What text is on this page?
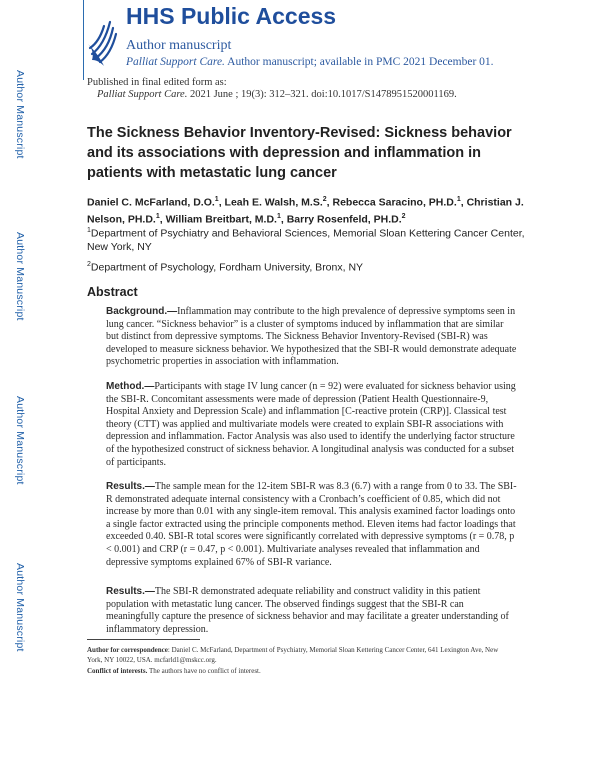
Author Manuscript
Author Manuscript
Author Manuscript
Author Manuscript
HHS Public Access
Author manuscript
Palliat Support Care. Author manuscript; available in PMC 2021 December 01.
Published in final edited form as:
Palliat Support Care. 2021 June ; 19(3): 312–321. doi:10.1017/S1478951520001169.
The Sickness Behavior Inventory-Revised: Sickness behavior and its associations with depression and inflammation in patients with metastatic lung cancer
Daniel C. McFarland, D.O.$^1$, Leah E. Walsh, M.S.$^2$, Rebecca Saracino, PH.D.$^1$, Christian J. Nelson, PH.D.$^1$, William Breitbart, M.D.$^1$, Barry Rosenfeld, PH.D.$^2$
$^1$Department of Psychiatry and Behavioral Sciences, Memorial Sloan Kettering Cancer Center, New York, NY
$^2$Department of Psychology, Fordham University, Bronx, NY
Abstract
Background.—Inflammation may contribute to the high prevalence of depressive symptoms seen in lung cancer. “Sickness behavior” is a cluster of symptoms induced by inflammation that are similar but distinct from depressive symptoms. The Sickness Behavior Inventory-Revised (SBI-R) was developed to measure sickness behavior. We hypothesized that the SBI-R would demonstrate adequate psychometric properties in association with inflammation.
Method.—Participants with stage IV lung cancer (n = 92) were evaluated for sickness behavior using the SBI-R. Concomitant assessments were made of depression (Patient Health Questionnaire-9, Hospital Anxiety and Depression Scale) and inflammation [C-reactive protein (CRP)]. Classical test theory (CTT) was applied and multivariate models were created to explain SBI-R associations with depression and inflammation. Factor Analysis was also used to identify the underlying factor structure of the hypothesized construct of sickness behavior. A longitudinal analysis was conducted for a subset of participants.
Results.—The sample mean for the 12-item SBI-R was 8.3 (6.7) with a range from 0 to 33. The SBI-R demonstrated adequate internal consistency with a Cronbach’s coefficient of 0.85, which did not increase by more than 0.01 with any single-item removal. This analysis examined factor loadings onto a single factor extracted using the principle components method. Eleven items had factor loadings that exceeded 0.40. SBI-R total scores were significantly correlated with depressive symptoms (r = 0.78, p < 0.001) and CRP (r = 0.47, p < 0.001). Multivariate analyses revealed that inflammation and depressive symptoms explained 67% of SBI-R variance.
Results.—The SBI-R demonstrated adequate reliability and construct validity in this patient population with metastatic lung cancer. The observed findings suggest that the SBI-R can meaningfully capture the presence of sickness behavior and may facilitate a greater understanding of inflammatory depression.
Author for correspondence: Daniel C. McFarland, Department of Psychiatry, Memorial Sloan Kettering Cancer Center, 641 Lexington Ave, New York, NY 10022, USA. mcfarld1@mskcc.org.
Conflict of interests. The authors have no conflict of interest.
